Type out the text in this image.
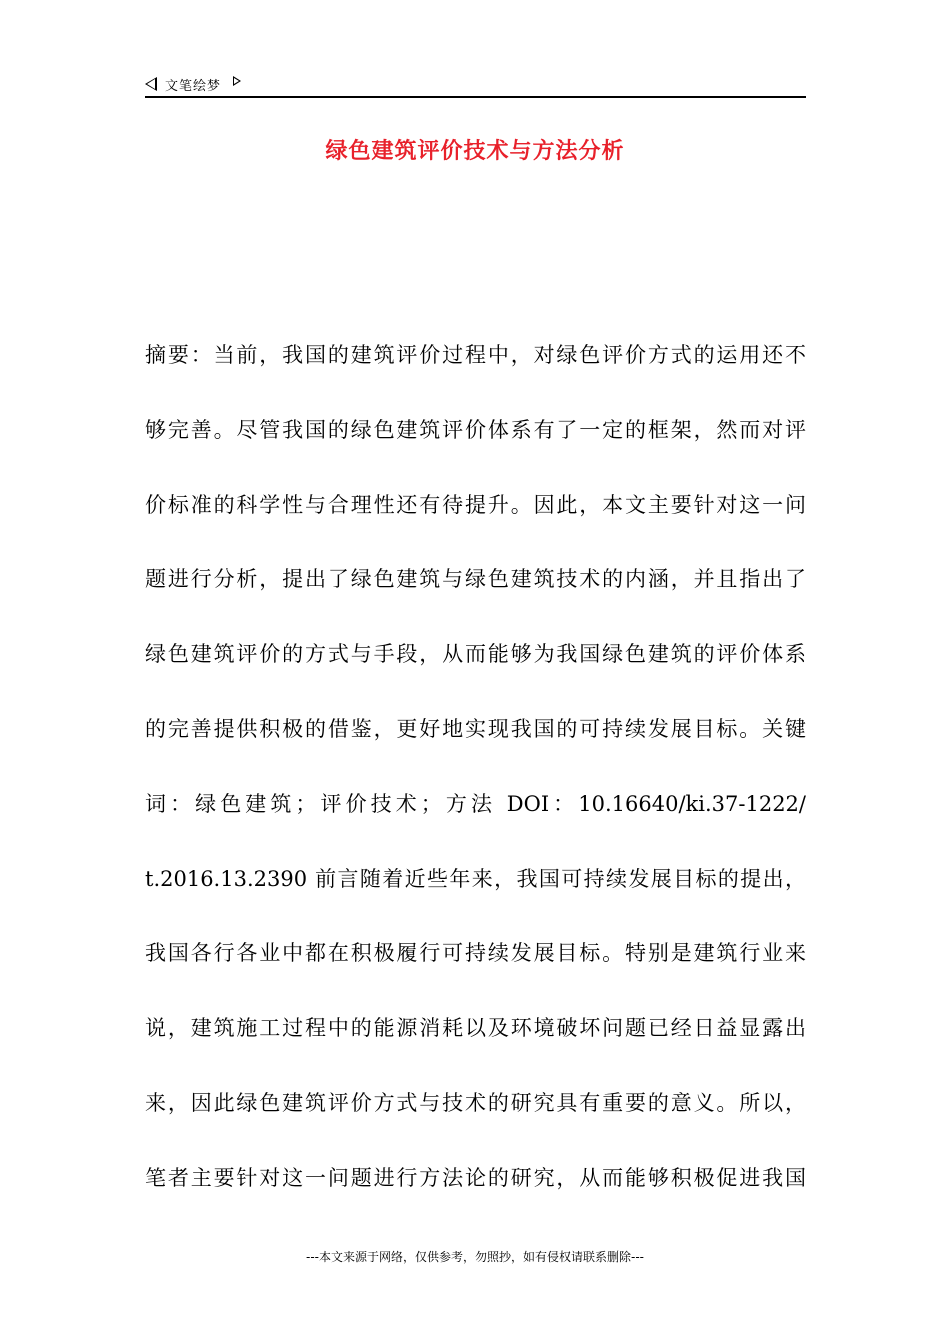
文笔绘梦
绿色建筑评价技术与方法分析
摘要：当前，我国的建筑评价过程中，对绿色评价方式的运用还不
够完善。尽管我国的绿色建筑评价体系有了一定的框架，然而对评
价标准的科学性与合理性还有待提升。因此，本文主要针对这一问
题进行分析，提出了绿色建筑与绿色建筑技术的内涵，并且指出了
绿色建筑评价的方式与手段，从而能够为我国绿色建筑的评价体系
的完善提供积极的借鉴，更好地实现我国的可持续发展目标。关键
词：绿色建筑；评价技术；方法 DOI：10.16640/ki.37-1222/
t.2016.13.2390 前言随着近些年来，我国可持续发展目标的提出，
我国各行各业中都在积极履行可持续发展目标。特别是建筑行业来
说，建筑施工过程中的能源消耗以及环境破坏问题已经日益显露出
来，因此绿色建筑评价方式与技术的研究具有重要的意义。所以，
笔者主要针对这一问题进行方法论的研究，从而能够积极促进我国
---本文来源于网络，仅供参考，勿照抄，如有侵权请联系删除---
